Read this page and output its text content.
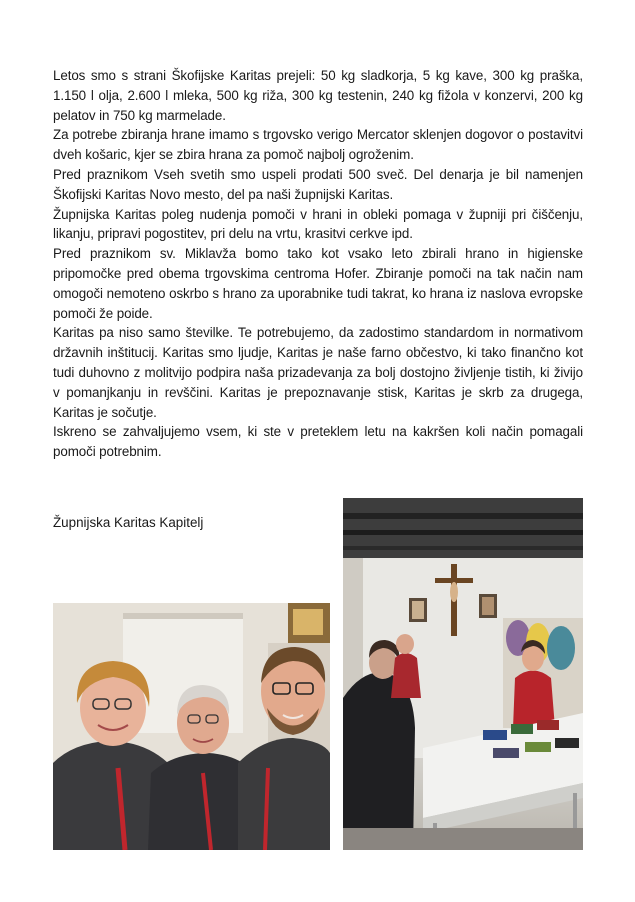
Letos smo s strani Škofijske Karitas prejeli: 50 kg sladkorja, 5 kg kave, 300 kg praška, 1.150 l olja, 2.600 l mleka, 500 kg riža, 300 kg testenin, 240 kg fižola v konzervi, 200 kg pelatov in 750 kg marmelade.

Za potrebe zbiranja hrane imamo s trgovsko verigo Mercator sklenjen dogovor o postavitvi dveh košaric, kjer se zbira hrana za pomoč najbolj ogroženim.

Pred praznikom Vseh svetih smo uspeli prodati 500 sveč. Del denarja je bil namenjen Škofijski Karitas Novo mesto, del pa naši župnijski Karitas.

Župnijska Karitas poleg nudenja pomoči v hrani in obleki pomaga v župniji pri čiščenju, likanju, pripravi pogostitev, pri delu na vrtu, krasitvi cerkve ipd.

Pred praznikom sv. Miklavža bomo tako kot vsako leto zbirali hrano in higienske pripomočke pred obema trgovskima centroma Hofer. Zbiranje pomoči na tak način nam omogoči nemoteno oskrbo s hrano za uporabnike tudi takrat, ko hrana iz naslova evropske pomoči že poide.

Karitas pa niso samo številke. Te potrebujemo, da zadostimo standardom in normativom državnih inštitucij. Karitas smo ljudje, Karitas je naše farno občestvo, ki tako finančno kot tudi duhovno z molitvijo podpira naša prizadevanja za bolj dostojno življenje tistih, ki živijo v pomanjkanju in revščini. Karitas je prepoznavanje stisk, Karitas je skrb za drugega, Karitas je sočutje.

Iskreno se zahvaljujemo vsem, ki ste v preteklem letu na kakršen koli način pomagali pomoči potrebnim.

Župnijska Karitas Kapitelj
